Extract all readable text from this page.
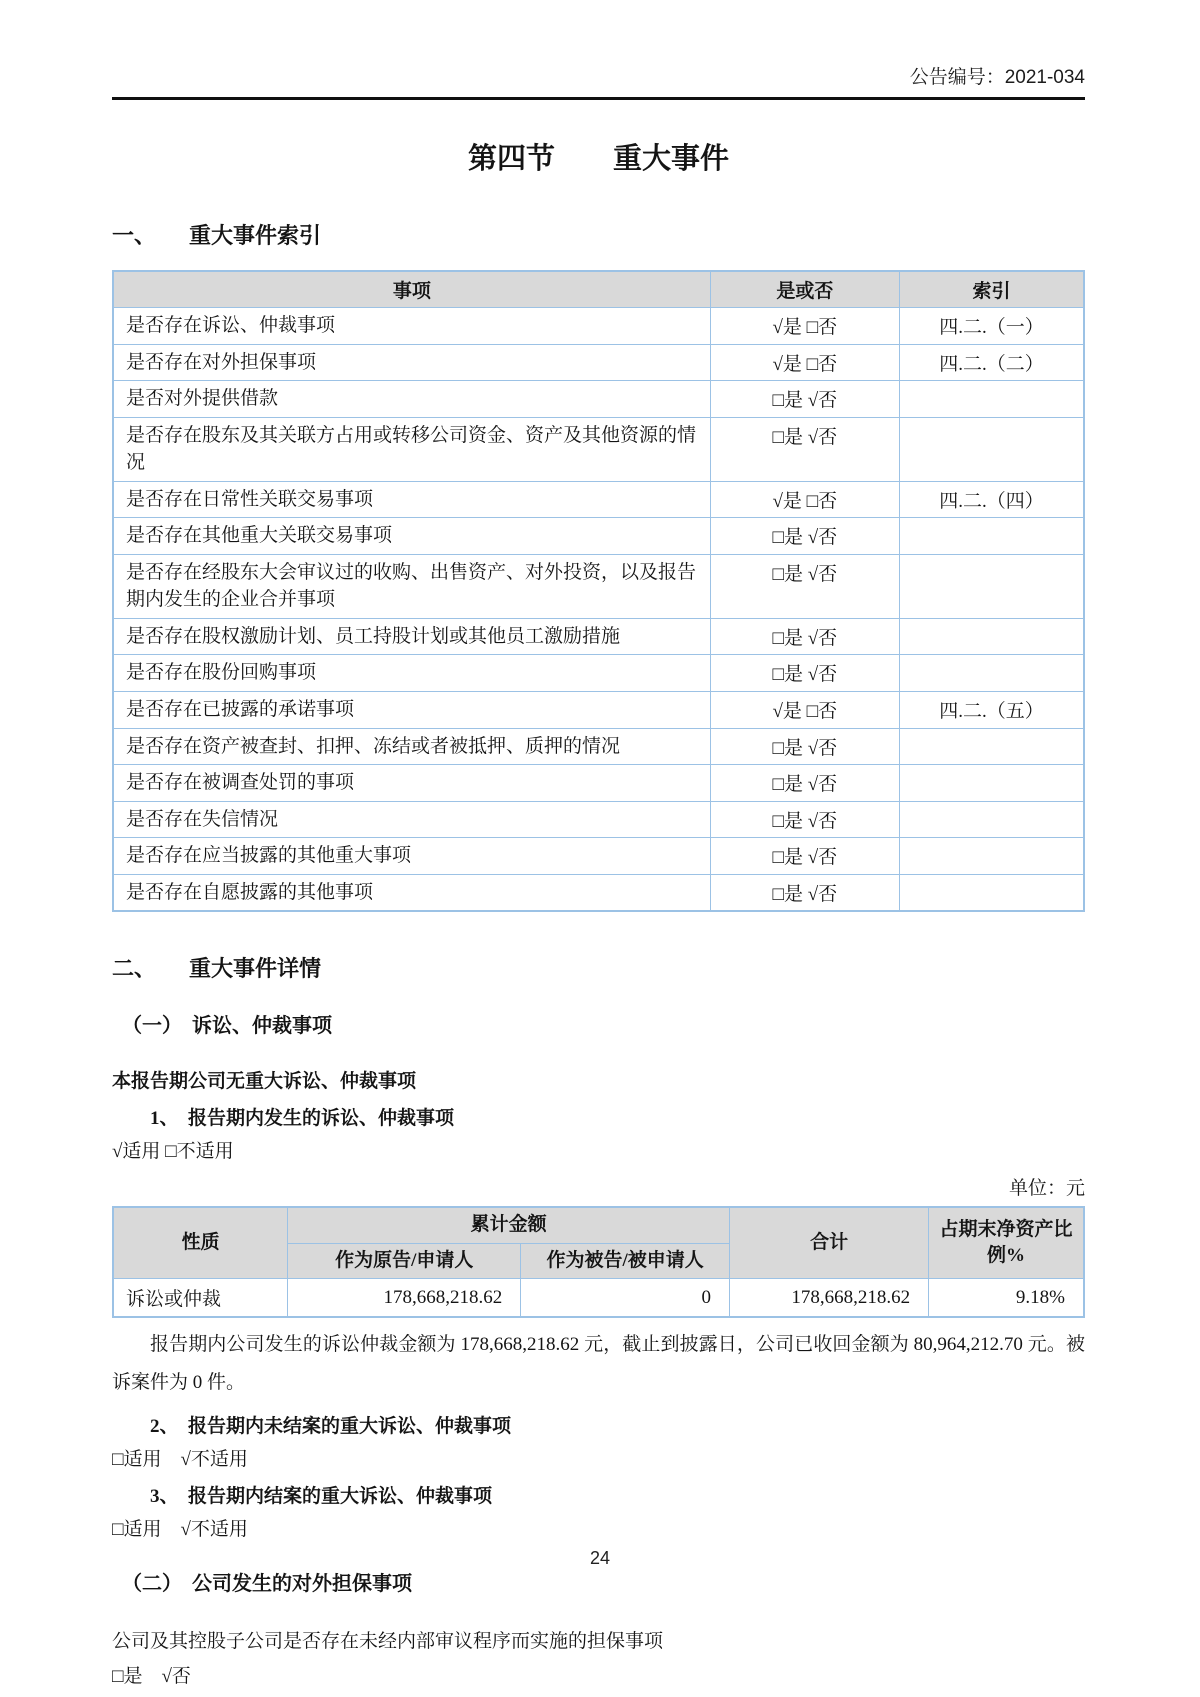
公告编号：2021-034
第四节　　重大事件
一、　　重大事件索引
事项	是或否	索引
是否存在诉讼、仲裁事项	√是 □否	四.二.（一）
是否存在对外担保事项	√是 □否	四.二.（二）
是否对外提供借款	□是 √否	
是否存在股东及其关联方占用或转移公司资金、资产及其他资源的情况	□是 √否	
是否存在日常性关联交易事项	√是 □否	四.二.（四）
是否存在其他重大关联交易事项	□是 √否	
是否存在经股东大会审议过的收购、出售资产、对外投资，以及报告期内发生的企业合并事项	□是 √否	
是否存在股权激励计划、员工持股计划或其他员工激励措施	□是 √否	
是否存在股份回购事项	□是 √否	
是否存在已披露的承诺事项	√是 □否	四.二.（五）
是否存在资产被查封、扣押、冻结或者被抵押、质押的情况	□是 √否	
是否存在被调查处罚的事项	□是 √否	
是否存在失信情况	□是 √否	
是否存在应当披露的其他重大事项	□是 √否	
是否存在自愿披露的其他事项	□是 √否	
二、　　重大事件详情
（一）　诉讼、仲裁事项
本报告期公司无重大诉讼、仲裁事项
1、　报告期内发生的诉讼、仲裁事项
√适用 □不适用
单位：元
性质	累计金额		合计	占期末净资产比例%
	作为原告/申请人	作为被告/被申请人		
诉讼或仲裁	178,668,218.62	0	178,668,218.62	9.18%
报告期内公司发生的诉讼仲裁金额为 178,668,218.62 元，截止到披露日，公司已收回金额为 80,964,212.70 元。被诉案件为 0 件。
2、　报告期内未结案的重大诉讼、仲裁事项
□适用　√不适用
3、　报告期内结案的重大诉讼、仲裁事项
□适用　√不适用
（二）　公司发生的对外担保事项
公司及其控股子公司是否存在未经内部审议程序而实施的担保事项
□是　√否
24
